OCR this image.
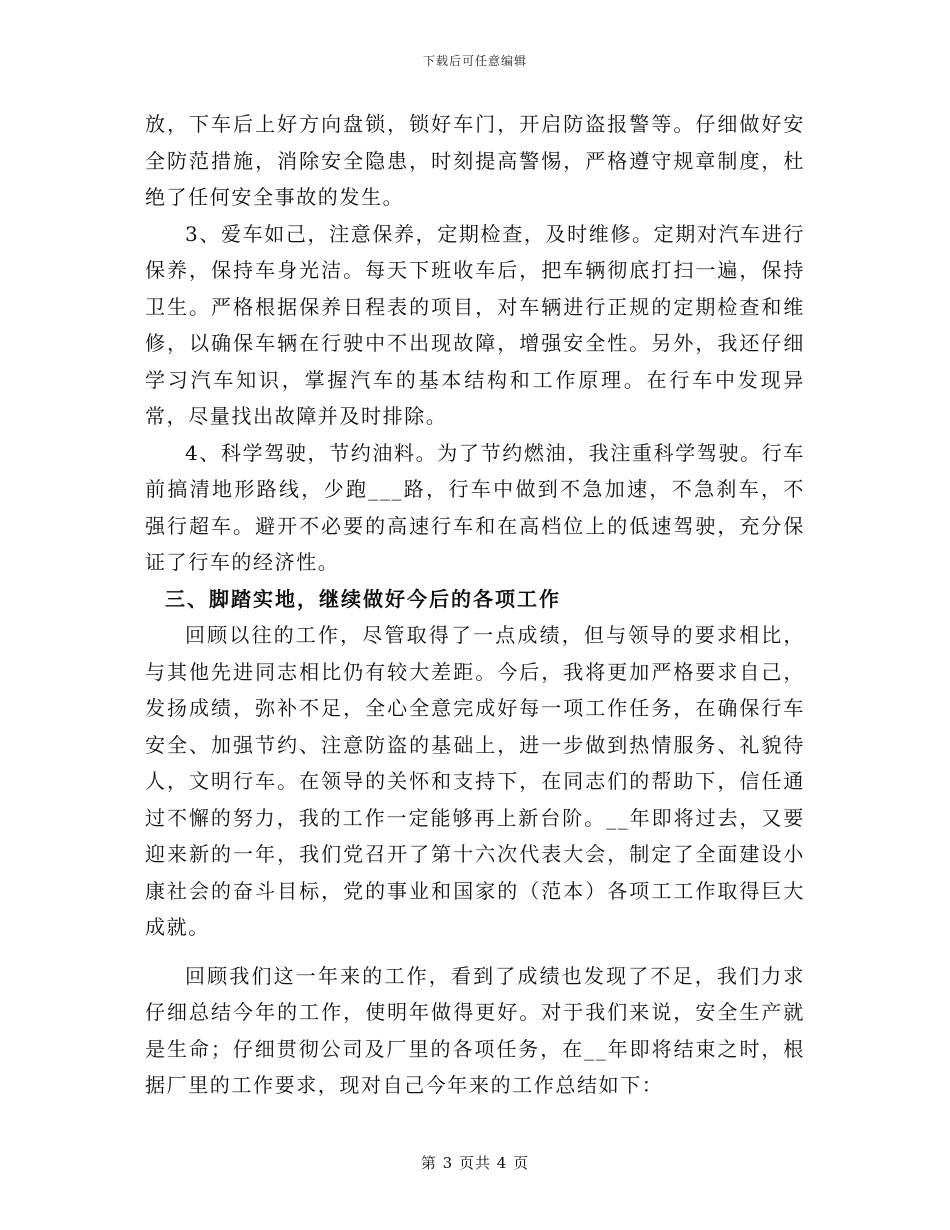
下载后可任意编辑

放，下车后上好方向盘锁，锁好车门，开启防盗报警等。仔细做好安全防范措施，消除安全隐患，时刻提高警惕，严格遵守规章制度，杜绝了任何安全事故的发生。

3、爱车如己，注意保养，定期检查，及时维修。定期对汽车进行保养，保持车身光洁。每天下班收车后，把车辆彻底打扫一遍，保持卫生。严格根据保养日程表的项目，对车辆进行正规的定期检查和维修，以确保车辆在行驶中不出现故障，增强安全性。另外，我还仔细学习汽车知识，掌握汽车的基本结构和工作原理。在行车中发现异常，尽量找出故障并及时排除。

4、科学驾驶，节约油料。为了节约燃油，我注重科学驾驶。行车前搞清地形路线，少跑___路，行车中做到不急加速，不急刹车，不强行超车。避开不必要的高速行车和在高档位上的低速驾驶，充分保证了行车的经济性。

三、脚踏实地，继续做好今后的各项工作

回顾以往的工作，尽管取得了一点成绩，但与领导的要求相比，与其他先进同志相比仍有较大差距。今后，我将更加严格要求自己，发扬成绩，弥补不足，全心全意完成好每一项工作任务，在确保行车安全、加强节约、注意防盗的基础上，进一步做到热情服务、礼貌待人，文明行车。在领导的关怀和支持下，在同志们的帮助下，信任通过不懈的努力，我的工作一定能够再上新台阶。__年即将过去，又要迎来新的一年，我们党召开了第十六次代表大会，制定了全面建设小康社会的奋斗目标，党的事业和国家的（范本）各项工工作取得巨大成就。

回顾我们这一年来的工作，看到了成绩也发现了不足，我们力求仔细总结今年的工作，使明年做得更好。对于我们来说，安全生产就是生命；仔细贯彻公司及厂里的各项任务，在__年即将结束之时，根据厂里的工作要求，现对自己今年来的工作总结如下：

第 3 页共 4 页
